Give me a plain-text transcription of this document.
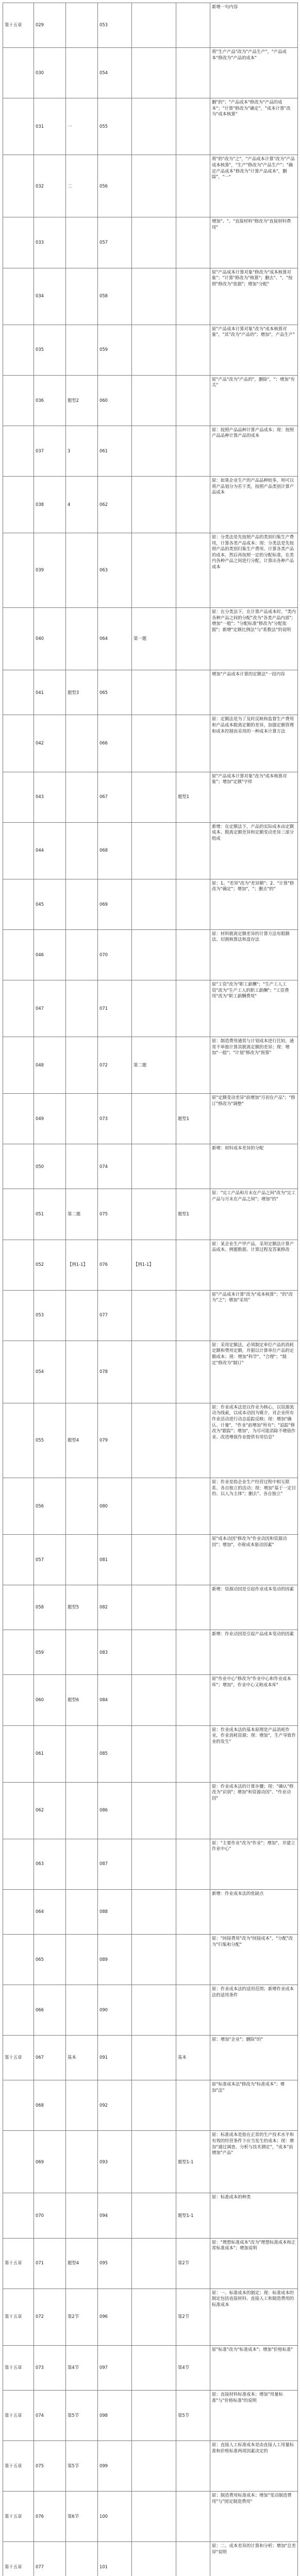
第十五章	029		053			新增一句内容
	030		054			将"生产产品"改为"产品生产"，"产品成本"修改为"产品的成本"
	031	一	055			删"的"；"产品成本"修改为"产品的成本"；"计算"修改为"确定"，"成本计算"改为"成本核算"
	032	二	056			将"的"改为"之"，"产品成本计算"改为"产品成本核算"，"生产"修改为"产品生产"；"确定产品成本"修改为"计算产品成本"，删除"，"一"
	033		057			增加"、"。"直接材料"修改为"直接材料费用"
	034		058			原"产品成本计算对象"修改为"成本核算对象"；"计算"修改为"核算"；删去"、"，"按照"修改为"依据"；增加"分配"
	035		059			原"产品成本计算对象"改为"成本核算对象"，"其"改为"产品的"；增加"，产品生产"
	036	题型2	060			原"产品"改为"产品的"，删除"，"；增加"有关"
	037	3	061			原：按照产品品种计算产品成本；现：按照产品品种计算产品的成本
	038	4	062			原：如果企业生产的产品品种较多，则可以将产品划分为若干类，按照产品类别计算产品成本
	039		063			原：分类法是先按照产品的类别归集生产费用，计算各类产品成本；现：分类法是先按照产品的类别归集生产费用、计算各类产品的成本，然后再按照一定的分配标准，在类内各种产品之间进行分配，计算出各种产品成本
	040		064	第一题		原：在分类法下，在计算产品成本时，"类内各种产品之间的分配"改为"各类产品内部"；增加"一般"；"分配标准"修改为"分配依据"；新增"定额比例法"与"系数法"的说明
	041	题型3	065			增加"产品成本计算的定额法"一段内容
	042		066			原：定额法是为了及时反映和监督生产费用和产品成本脱离定额的差异，加强定额管理和成本控制而采用的一种成本计算方法
	043		067		题型1	原"产品成本计算对象"改为"成本核算对象"；增加"定额"字样
	044		068			新增：在定额法下，产品的实际成本由定额成本、脱离定额差异和定额变动差异三部分组成
	045		069			原：1、"差异"改为"差异额"；2、"计算"修改为"确定"；增加"，"；删去"的"
	046		070			原：材料脱离定额差异的计算方法有限额法、切割核算法和盘存法
	047		071			原"工资"改为"职工薪酬"；"生产工人工资"改为"生产工人的职工薪酬"；"工资费用"改为"职工薪酬费用"
	048		072	第二题		原：制造费用通常与计划成本进行比较，通常不单独计算其脱离定额的差异；现：增加"一般"；"计划"修改为"预算"
	049		073		题型1	原"定额变动差异"前增加"月初在产品"；"修订"修改为"调整"
	050		074			新增：材料成本差异的分配
	051	第二题	075		题型1	原："完工产品和月末在产品之间"改为"完工产品与月末在产品之间"；增加"的"
	052	【例1-1】	076	【例1-1】		原：某企业生产甲产品，采用定额法计算产品成本。例题数据、计算过程及答案修改
	053		077			原"产品成本计算"改为"成本核算"；"的"改为"之"；增加"采用"
	054		078			原：采用定额法，必须制定单位产品的消耗定额和费用定额，并据以计算单位产品的定额成本；现：增加"科学"、"合理"；"制定"修改为"制订"
	055	题型4	079			原：作业成本法是以作业为核心，以资源流动为线索，以成本动因为媒介，对企业所有作业活动进行动态追踪反映；现：增加"确认、计量"，"作业"前增加"所有"；"追踪"修改为"跟踪"；增加"，为尽可能消除不增值作业、改进增值作业提供有用信息"
	056		080			原：作业是指企业生产经营过程中相互联系、各自独立的活动；现：增加"基于一定目的、以人为主体"；删去"、各自独立"
	057		081			原"成本动因"修改为"作业动因和资源动因"；增加"，亦称成本驱动因素"
	058	题型5	082			新增：资源动因是引起作业成本变动的因素
	059		083			新增：作业动因是引起产品成本变动的因素
	060	题型6	084			原"作业中心"修改为"作业中心和作业成本库"；增加"，作业中心又称成本库"
	061		085			原：作业成本法的基本原理是产品消耗作业，作业消耗资源；现：增加"，生产导致作业的发生"
	062		086			原：作业成本法的计算步骤；现："确认"修改为"识别"；增加"和资源动因"、"作业动因"
	063		087			原："主要作业"改为"作业"；增加"，并建立作业中心"
	064		088			新增：作业成本法的优缺点
	065		089			原："间接费用"改为"间接成本"，"分配"改为"归集和分配"
	066		090			原：作业成本法的适用范围；新增作业成本法的适用条件
第十五章	067	基本	091		基本	原：增加"企业"；删除"的"
	068		092			原"标准成本法"修改为"标准成本"；增加"法"
	069		093		题型1-1	原：标准成本是指在正常的生产技术水平和有效的经营条件下应当发生的成本；现：增加"通过调查、分析与技术测定"，"成本"前增加"产品"
	070		094		题型1-1	原：标准成本的种类
第十五章	071	题型4	095		第2节	原："理想标准成本"改为"理想标准成本和正常标准成本"；增加说明
第十五章	072	第2节	096		第2节	原：一、标准成本的制定；现：标准成本的制定包括直接材料、直接人工和制造费用的标准成本
第十五章	073	第4节	097		第4节	原"标准"改为"标准成本"；增加"价格标准"
第十五章	074	第5节	098		第5节	原：直接材料标准成本；增加"用量标准"与"价格标准"的说明
第十五章	075	第5节	099			原：直接人工标准成本是由直接人工用量标准和价格标准两项因素决定的
第十五章	076	第6节	100			原：制造费用标准成本；增加"变动制造费用"与"固定制造费用"
第十五章	077		101			原：二、成本差异的计算和分析；增加"总差异"说明
